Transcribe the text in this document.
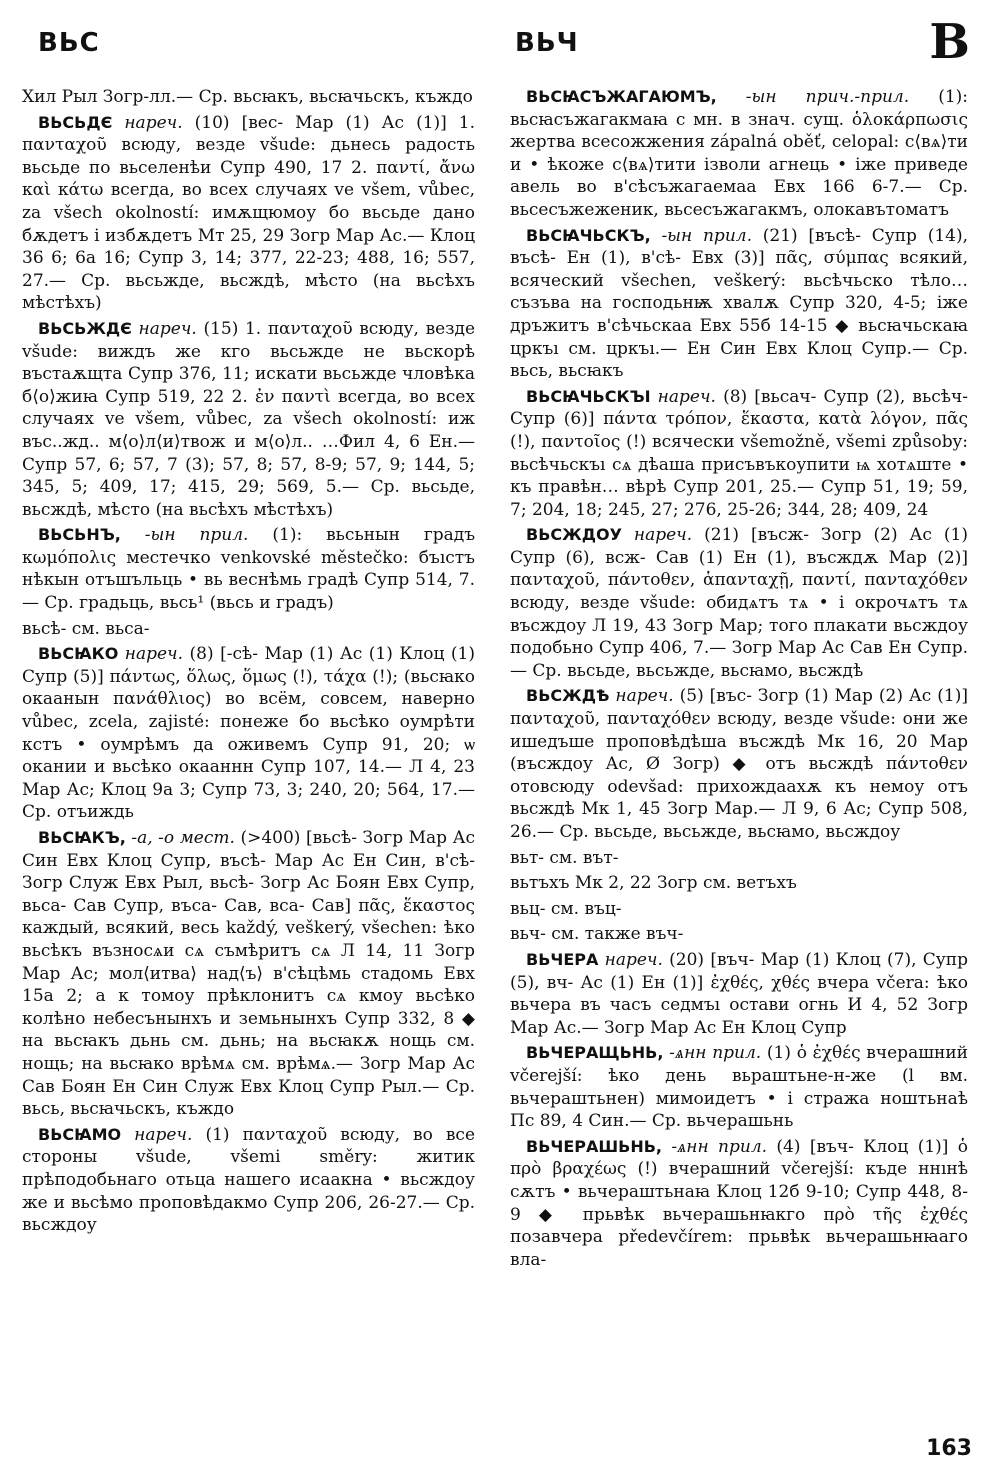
ВЬС	ВЬЧ	В

Хил Рыл Зогр-лл.— Ср. вьсꙗкъ, вьсꙗчьскъ, къждо

ВЬСЬДЄ нареч. (10) [вес- Мар (1) Ас (1)] 1. πανταχοῦ всюду, везде všude: дьнесь радость вьсьде по вьселенѣи Супр 490, 17 2. παντί, ἄνω καὶ κάτω всегда, во всех случаях ve všem, vůbec, za všech okolností: имѫщюмоу бо вьсьде дано бѫдетъ і избѫдетъ Мт 25, 29 Зогр Мар Ас.— Клоц 36 6; 6а 16; Супр 3, 14; 377, 22-23; 488, 16; 557, 27.— Ср. вьсьжде, вьсждѣ, мѣсто (на вьсѣхъ мѣстѣхъ)

ВЬСЬЖДЄ нареч. (15) 1. πανταχοῦ всюду, везде všude: виждъ же кго вьсьжде не вьскорѣ въстаѫщта Супр 376, 11; искати вьсьжде чловѣка б⟨о⟩жиꙗ Супр 519, 22 2. ἐν παντὶ всегда, во всех случаях ve všem, vůbec, za všech okolností: иж въс..жд.. м⟨о⟩л⟨и⟩твож и м⟨о⟩л.. …Фил 4, 6 Ен.— Супр 57, 6; 57, 7 (3); 57, 8; 57, 8-9; 57, 9; 144, 5; 345, 5; 409, 17; 415, 29; 569, 5.— Ср. вьсьде, вьсждѣ, мѣсто (на вьсѣхъ мѣстѣхъ)

ВЬСЬНЪ, -ын прил. (1): вьсьнын градъ κωμόπολις местечко venkovské městečko: бъıстъ нѣкын отъшъльць • вь веснѣмь градѣ Супр 514, 7.— Ср. градьць, вьсь¹ (вьсь и градъ)

вьсѣ- см. вьса-

ВЬСꙖКО нареч. (8) [-сѣ- Мар (1) Ас (1) Клоц (1) Супр (5)] πάντως, ὅλως, ὅμως (!), τάχα (!); (вьсꙗко окаанын πανάθλιος) во всём, совсем, наверно vůbec, zcela, zajisté: понеже бо вьсѣко оумрѣти кстъ • оумрѣмъ да оживемъ Супр 91, 20; ѡ окании и вьсѣко окааннн Супр 107, 14.— Л 4, 23 Мар Ас; Клоц 9а 3; Супр 73, 3; 240, 20; 564, 17.— Ср. отъиждь

ВЬСꙖКЪ, -а, -о мест. (>400) [вьсѣ- Зогр Мар Ас Син Евх Клоц Супр, въсѣ- Мар Ас Ен Син, в'сѣ- Зогр Служ Евх Рыл, вьсѣ- Зогр Ас Боян Евх Супр, вьса- Сав Супр, въса- Сав, вса- Сав] πᾶς, ἕκαστος каждый, всякий, весь každý, veškerý, všechen: ѣко вьсѣкъ възносѧи сѧ съмѣритъ сѧ Л 14, 11 Зогр Мар Ас; мол⟨итва⟩ над⟨ъ⟩ в'сѣцѣмь стадомь Евх 15а 2; а к томоу прѣклонитъ сѧ кмоу вьсѣко колѣно небесънынхъ и земьнынхъ Супр 332, 8 ◆ на вьсꙗкъ дьнь см. дьнь; на вьсꙗкѫ нощь см. нощь; на вьсꙗко врѣмѧ см. врѣмѧ.— Зогр Мар Ас Сав Боян Ен Син Служ Евх Клоц Супр Рыл.— Ср. вьсь, вьсꙗчьскъ, къждо

ВЬСꙖМО нареч. (1) πανταχοῦ всюду, во все стороны všude, všemi směry: житик прѣподобьнаго отьца нашего исаакна • вьсждоу же и вьсѣмо проповѣдакмо Супр 206, 26-27.— Ср. вьсждоу

ВЬСꙖСЪЖАГАЮМЪ, -ын прич.-прил. (1): вьсꙗсъжагакмаꙗ с мн. в знач. сущ. ὁλοκάρπωσις жертва всесожжения zápalná oběť, celopal: с⟨вѧ⟩ти и • ѣкоже с⟨вѧ⟩тити ізволи агнець • іже приведе авель во в'сѣсъжагаемаа Евх 166 6-7.— Ср. вьсесъжеженик, вьсесъжагакмъ, олокавътоматъ

ВЬСꙖЧЬСКЪ, -ын прил. (21) [въсѣ- Супр (14), въсѣ- Ен (1), в'сѣ- Евх (3)] πᾶς, σύμπας всякий, всяческий všechen, veškerý: вьсѣчьско тѣло… съзъва на господьнѭ хвалѫ Супр 320, 4-5; іже дръжитъ в'сѣчьскаа Евх 55б 14-15 ◆ вьсꙗчьскаꙗ цркъı см. цркъı.— Ен Син Евх Клоц Супр.— Ср. вьсь, вьсꙗкъ

ВЬСꙖЧЬСКЪІ нареч. (8) [вьсач- Супр (2), вьсѣч- Супр (6)] πάντα τρόπον, ἕκαστα, κατὰ λόγον, πᾶς (!), παντοῖος (!) всячески všemožně, všemi způsoby: вьсѣчьскъı сѧ дѣаша присъвъкоупити ѩ хотѧште • къ правѣн… вѣрѣ Супр 201, 25.— Супр 51, 19; 59, 7; 204, 18; 245, 27; 276, 25-26; 344, 28; 409, 24

ВЬСЖДОУ нареч. (21) [въсж- Зогр (2) Ас (1) Супр (6), всж- Сав (1) Ен (1), въсждѫ Мар (2)] πανταχοῦ, πάντοθεν, ἁπανταχῇ, παντί, πανταχόθεν всюду, везде všude: обидѧтъ тѧ • і окрочѧтъ тѧ въсждоу Л 19, 43 Зогр Мар; того плакати вьсждоу подобьно Супр 406, 7.— Зогр Мар Ас Сав Ен Супр.— Ср. вьсьде, вьсьжде, вьсꙗмо, вьсждѣ

ВЬСЖДѢ нареч. (5) [въс- Зогр (1) Мар (2) Ас (1)] πανταχοῦ, πανταχόθεν всюду, везде všude: они же ишедъше проповѣдѣша въсждѣ Мк 16, 20 Мар (въсждоу Ас, Ø Зогр) ◆ отъ вьсждѣ πάντοθεν отовсюду odevšad: прихождаахѫ къ немоу отъ вьсждѣ Мк 1, 45 Зогр Мар.— Л 9, 6 Ас; Супр 508, 26.— Ср. вьсьде, вьсьжде, вьсꙗмо, вьсждоу

вьт- см. вът-

вьтъхъ Мк 2, 22 Зогр см. ветъхъ

вьц- см. въц-

вьч- см. также въч-

ВЬЧЕРА нареч. (20) [въч- Мар (1) Клоц (7), Супр (5), вч- Ас (1) Ен (1)] ἐχθές, χθές вчера včera: ѣко вьчера въ часъ седмъı остави огнь И 4, 52 Зогр Мар Ас.— Зогр Мар Ас Ен Клоц Супр

ВЬЧЕРАЩЬНЬ, -ѧнн прил. (1) ὁ ἐχθές вчерашний včerejší: ѣко день вьраштьне-н-же (l вм. вьчераштьнен) мимоидетъ • і стража ноштьнаѣ Пс 89, 4 Син.— Ср. вьчерашьнь

ВЬЧЕРАШЬНЬ, -ѧнн прил. (4) [въч- Клоц (1)] ὁ πρὸ βραχέως (!) вчерашний včerejší: къде ннıнѣ сѫтъ • вьчераштьнаꙗ Клоц 12б 9-10; Супр 448, 8-9 ◆ прьвѣк вьчерашьнꙗкго πρὸ τῆς ἐχθές позавчера předevčírem: прьвѣк вьчерашьнꙗаго вла-

163
